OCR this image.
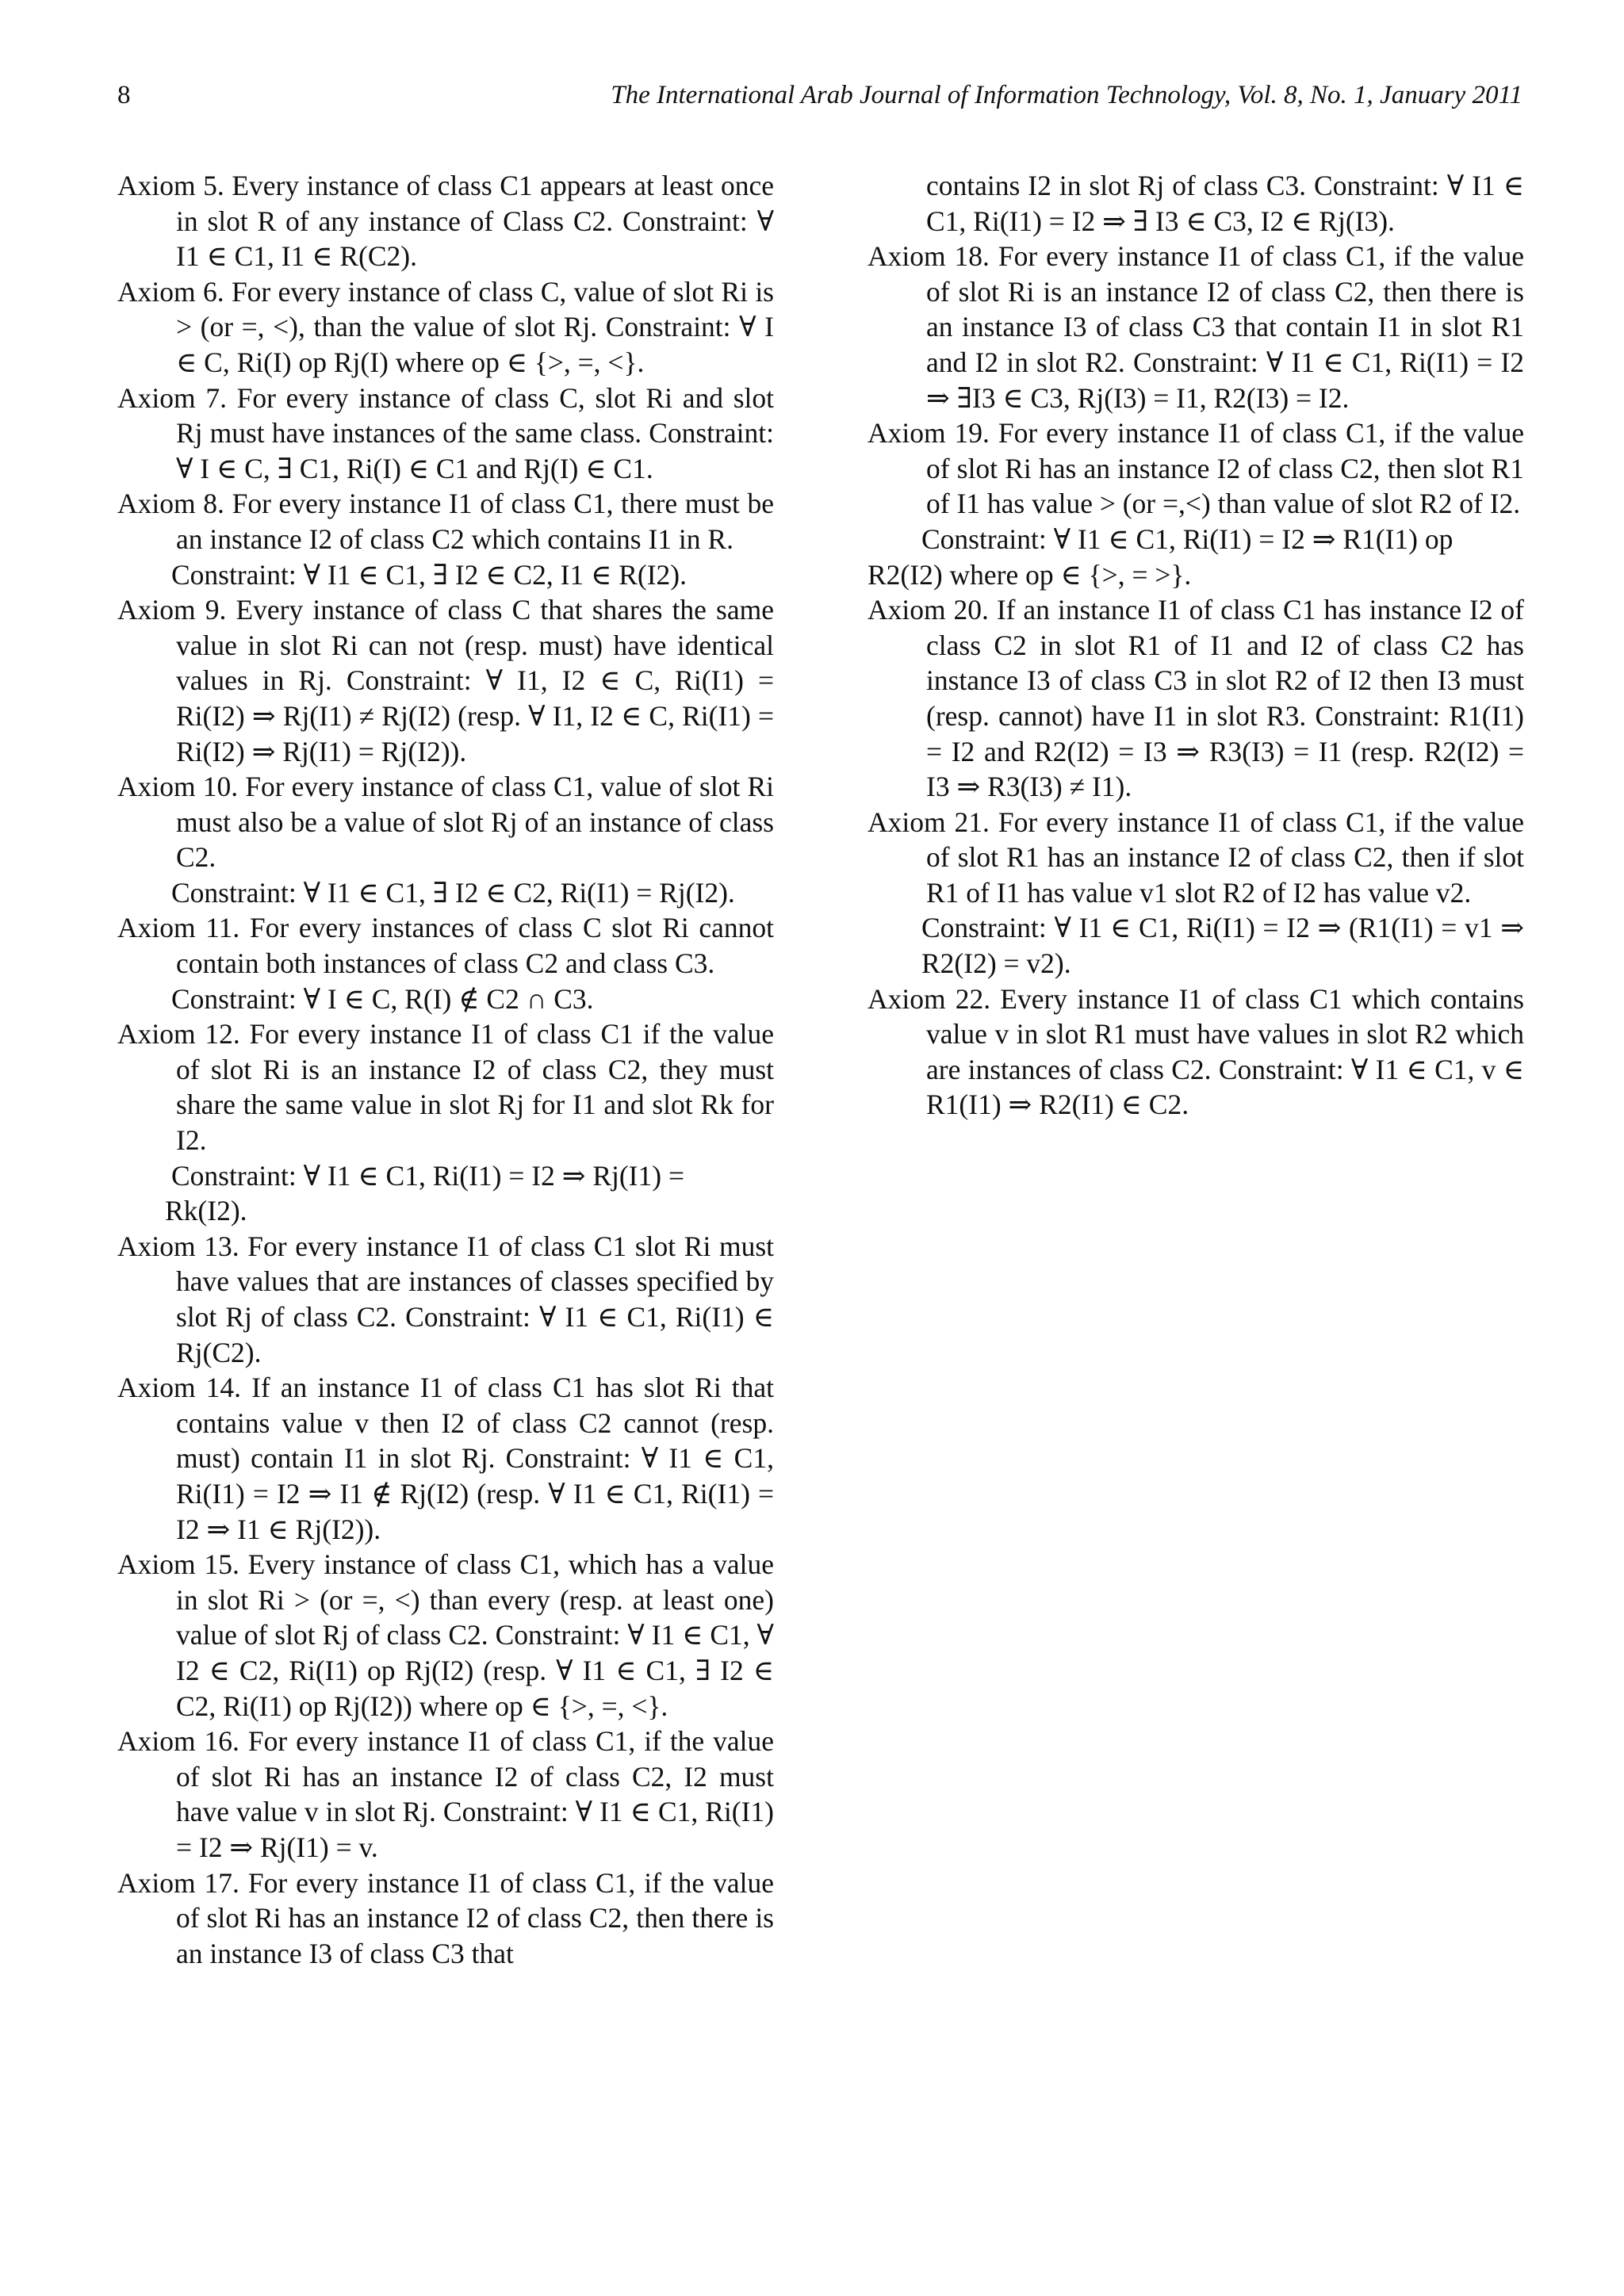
8	The International Arab Journal of Information Technology, Vol. 8, No. 1, January 2011

Axiom 5. Every instance of class C1 appears at least once in slot R of any instance of Class C2. Constraint: ∀ I1 ∈ C1, I1 ∈ R(C2).

Axiom 6. For every instance of class C, value of slot Ri is > (or =, <), than the value of slot Rj. Constraint: ∀ I ∈ C, Ri(I) op Rj(I) where op ∈ {>, =, <}.

Axiom 7. For every instance of class C, slot Ri and slot Rj must have instances of the same class. Constraint: ∀ I ∈ C, ∃ C1, Ri(I) ∈ C1 and Rj(I) ∈ C1.

Axiom 8. For every instance I1 of class C1, there must be an instance I2 of class C2 which contains I1 in R.

Constraint: ∀ I1 ∈ C1, ∃ I2 ∈ C2, I1 ∈ R(I2).

Axiom 9. Every instance of class C that shares the same value in slot Ri can not (resp. must) have identical values in Rj. Constraint: ∀ I1, I2 ∈ C, Ri(I1) = Ri(I2) ⇒ Rj(I1) ≠ Rj(I2) (resp. ∀ I1, I2 ∈ C, Ri(I1) = Ri(I2) ⇒ Rj(I1) = Rj(I2)).

Axiom 10. For every instance of class C1, value of slot Ri must also be a value of slot Rj of an instance of class C2.

Constraint: ∀ I1 ∈ C1, ∃ I2 ∈ C2, Ri(I1) = Rj(I2).

Axiom 11. For every instances of class C slot Ri cannot contain both instances of class C2 and class C3.

Constraint: ∀ I ∈ C, R(I) ∉ C2 ∩ C3.

Axiom 12. For every instance I1 of class C1 if the value of slot Ri is an instance I2 of class C2, they must share the same value in slot Rj for I1 and slot Rk for I2.

Constraint: ∀ I1 ∈ C1, Ri(I1) = I2 ⇒ Rj(I1) =

Rk(I2).

Axiom 13. For every instance I1 of class C1 slot Ri must have values that are instances of classes specified by slot Rj of class C2. Constraint: ∀ I1 ∈ C1, Ri(I1) ∈ Rj(C2).

Axiom 14. If an instance I1 of class C1 has slot Ri that contains value v then I2 of class C2 cannot (resp. must) contain I1 in slot Rj. Constraint: ∀ I1 ∈ C1, Ri(I1) = I2 ⇒ I1 ∉ Rj(I2) (resp. ∀ I1 ∈ C1, Ri(I1) = I2 ⇒ I1 ∈ Rj(I2)).

Axiom 15. Every instance of class C1, which has a value in slot Ri > (or =, <) than every (resp. at least one) value of slot Rj of class C2. Constraint: ∀ I1 ∈ C1, ∀ I2 ∈ C2, Ri(I1) op Rj(I2) (resp. ∀ I1 ∈ C1, ∃ I2 ∈ C2, Ri(I1) op Rj(I2)) where op ∈ {>, =, <}.

Axiom 16. For every instance I1 of class C1, if the value of slot Ri has an instance I2 of class C2, I2 must have value v in slot Rj. Constraint: ∀ I1 ∈ C1, Ri(I1) = I2 ⇒ Rj(I1) = v.

Axiom 17. For every instance I1 of class C1, if the value of slot Ri has an instance I2 of class C2, then there is an instance I3 of class C3 that

contains I2 in slot Rj of class C3. Constraint: ∀ I1 ∈ C1, Ri(I1) = I2 ⇒ ∃ I3 ∈ C3, I2 ∈ Rj(I3).

Axiom 18. For every instance I1 of class C1, if the value of slot Ri is an instance I2 of class C2, then there is an instance I3 of class C3 that contain I1 in slot R1 and I2 in slot R2. Constraint: ∀ I1 ∈ C1, Ri(I1) = I2 ⇒ ∃I3 ∈ C3, Rj(I3) = I1, R2(I3) = I2.

Axiom 19. For every instance I1 of class C1, if the value of slot Ri has an instance I2 of class C2, then slot R1 of I1 has value > (or =,<) than value of slot R2 of I2.

Constraint: ∀ I1 ∈ C1, Ri(I1) = I2 ⇒ R1(I1) op

R2(I2) where op ∈ {>, = >}.

Axiom 20. If an instance I1 of class C1 has instance I2 of class C2 in slot R1 of I1 and I2 of class C2 has instance I3 of class C3 in slot R2 of I2 then I3 must (resp. cannot) have I1 in slot R3. Constraint: R1(I1) = I2 and R2(I2) = I3 ⇒ R3(I3) = I1 (resp. R2(I2) = I3 ⇒ R3(I3) ≠ I1).

Axiom 21. For every instance I1 of class C1, if the value of slot R1 has an instance I2 of class C2, then if slot R1 of I1 has value v1 slot R2 of I2 has value v2.

Constraint: ∀ I1 ∈ C1, Ri(I1) = I2 ⇒ (R1(I1) = v1 ⇒ R2(I2) = v2).

Axiom 22. Every instance I1 of class C1 which contains value v in slot R1 must have values in slot R2 which are instances of class C2. Constraint: ∀ I1 ∈ C1, v ∈ R1(I1) ⇒ R2(I1) ∈ C2.
